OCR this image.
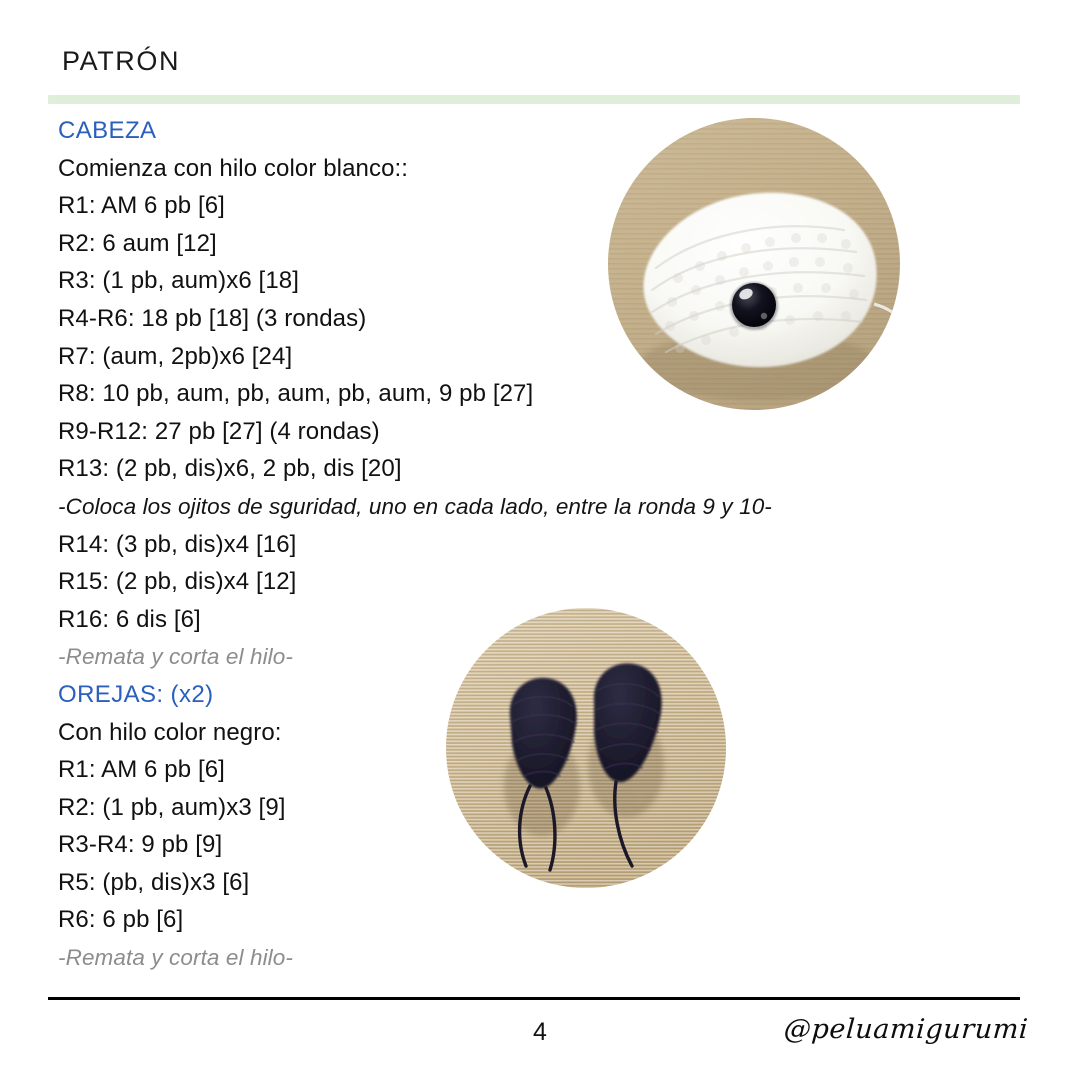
PATRÓN
CABEZA
Comienza con hilo color blanco::
R1: AM 6 pb [6]
R2: 6 aum [12]
R3: (1 pb, aum)x6 [18]
R4-R6: 18 pb [18] (3 rondas)
R7: (aum, 2pb)x6 [24]
R8: 10 pb, aum, pb, aum, pb, aum, 9 pb [27]
R9-R12: 27 pb [27] (4 rondas)
R13: (2 pb, dis)x6, 2 pb, dis [20]
-Coloca los ojitos de sguridad, uno en cada lado, entre la ronda 9 y 10-
R14: (3 pb, dis)x4 [16]
R15: (2 pb, dis)x4 [12]
R16: 6 dis [6]
-Remata y corta el hilo-
OREJAS: (x2)
Con hilo color negro:
R1: AM 6 pb [6]
R2: (1 pb, aum)x3 [9]
R3-R4: 9 pb [9]
R5: (pb, dis)x3 [6]
R6: 6 pb [6]
-Remata y corta el hilo-
4	@peluamigurumi
